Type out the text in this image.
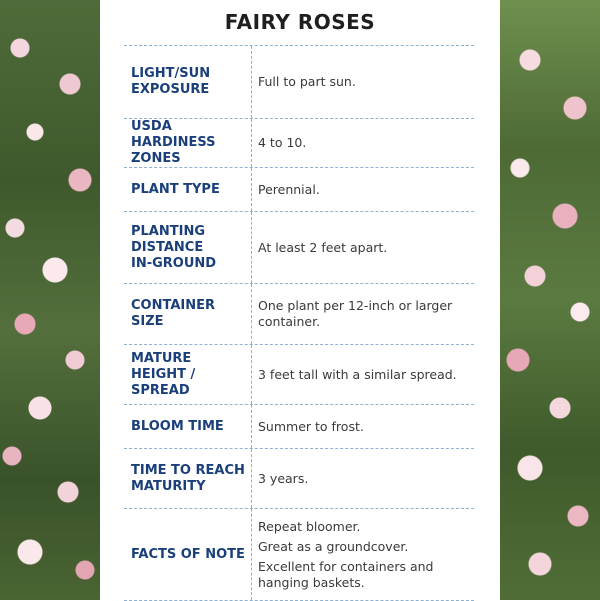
FAIRY ROSES
LIGHT/SUN
EXPOSURE
Full to part sun.
USDA HARDINESS
ZONES
4 to 10.
PLANT TYPE	Perennial.
PLANTING
DISTANCE
IN-GROUND
At least 2 feet apart.
CONTAINER SIZE
One plant per 12-inch or larger container.
MATURE
HEIGHT / SPREAD
3 feet tall with a similar spread.
BLOOM TIME	Summer to frost.
TIME TO REACH
MATURITY
3 years.
FACTS OF NOTE
Repeat bloomer.
Great as a groundcover.
Excellent for containers and hanging baskets.
